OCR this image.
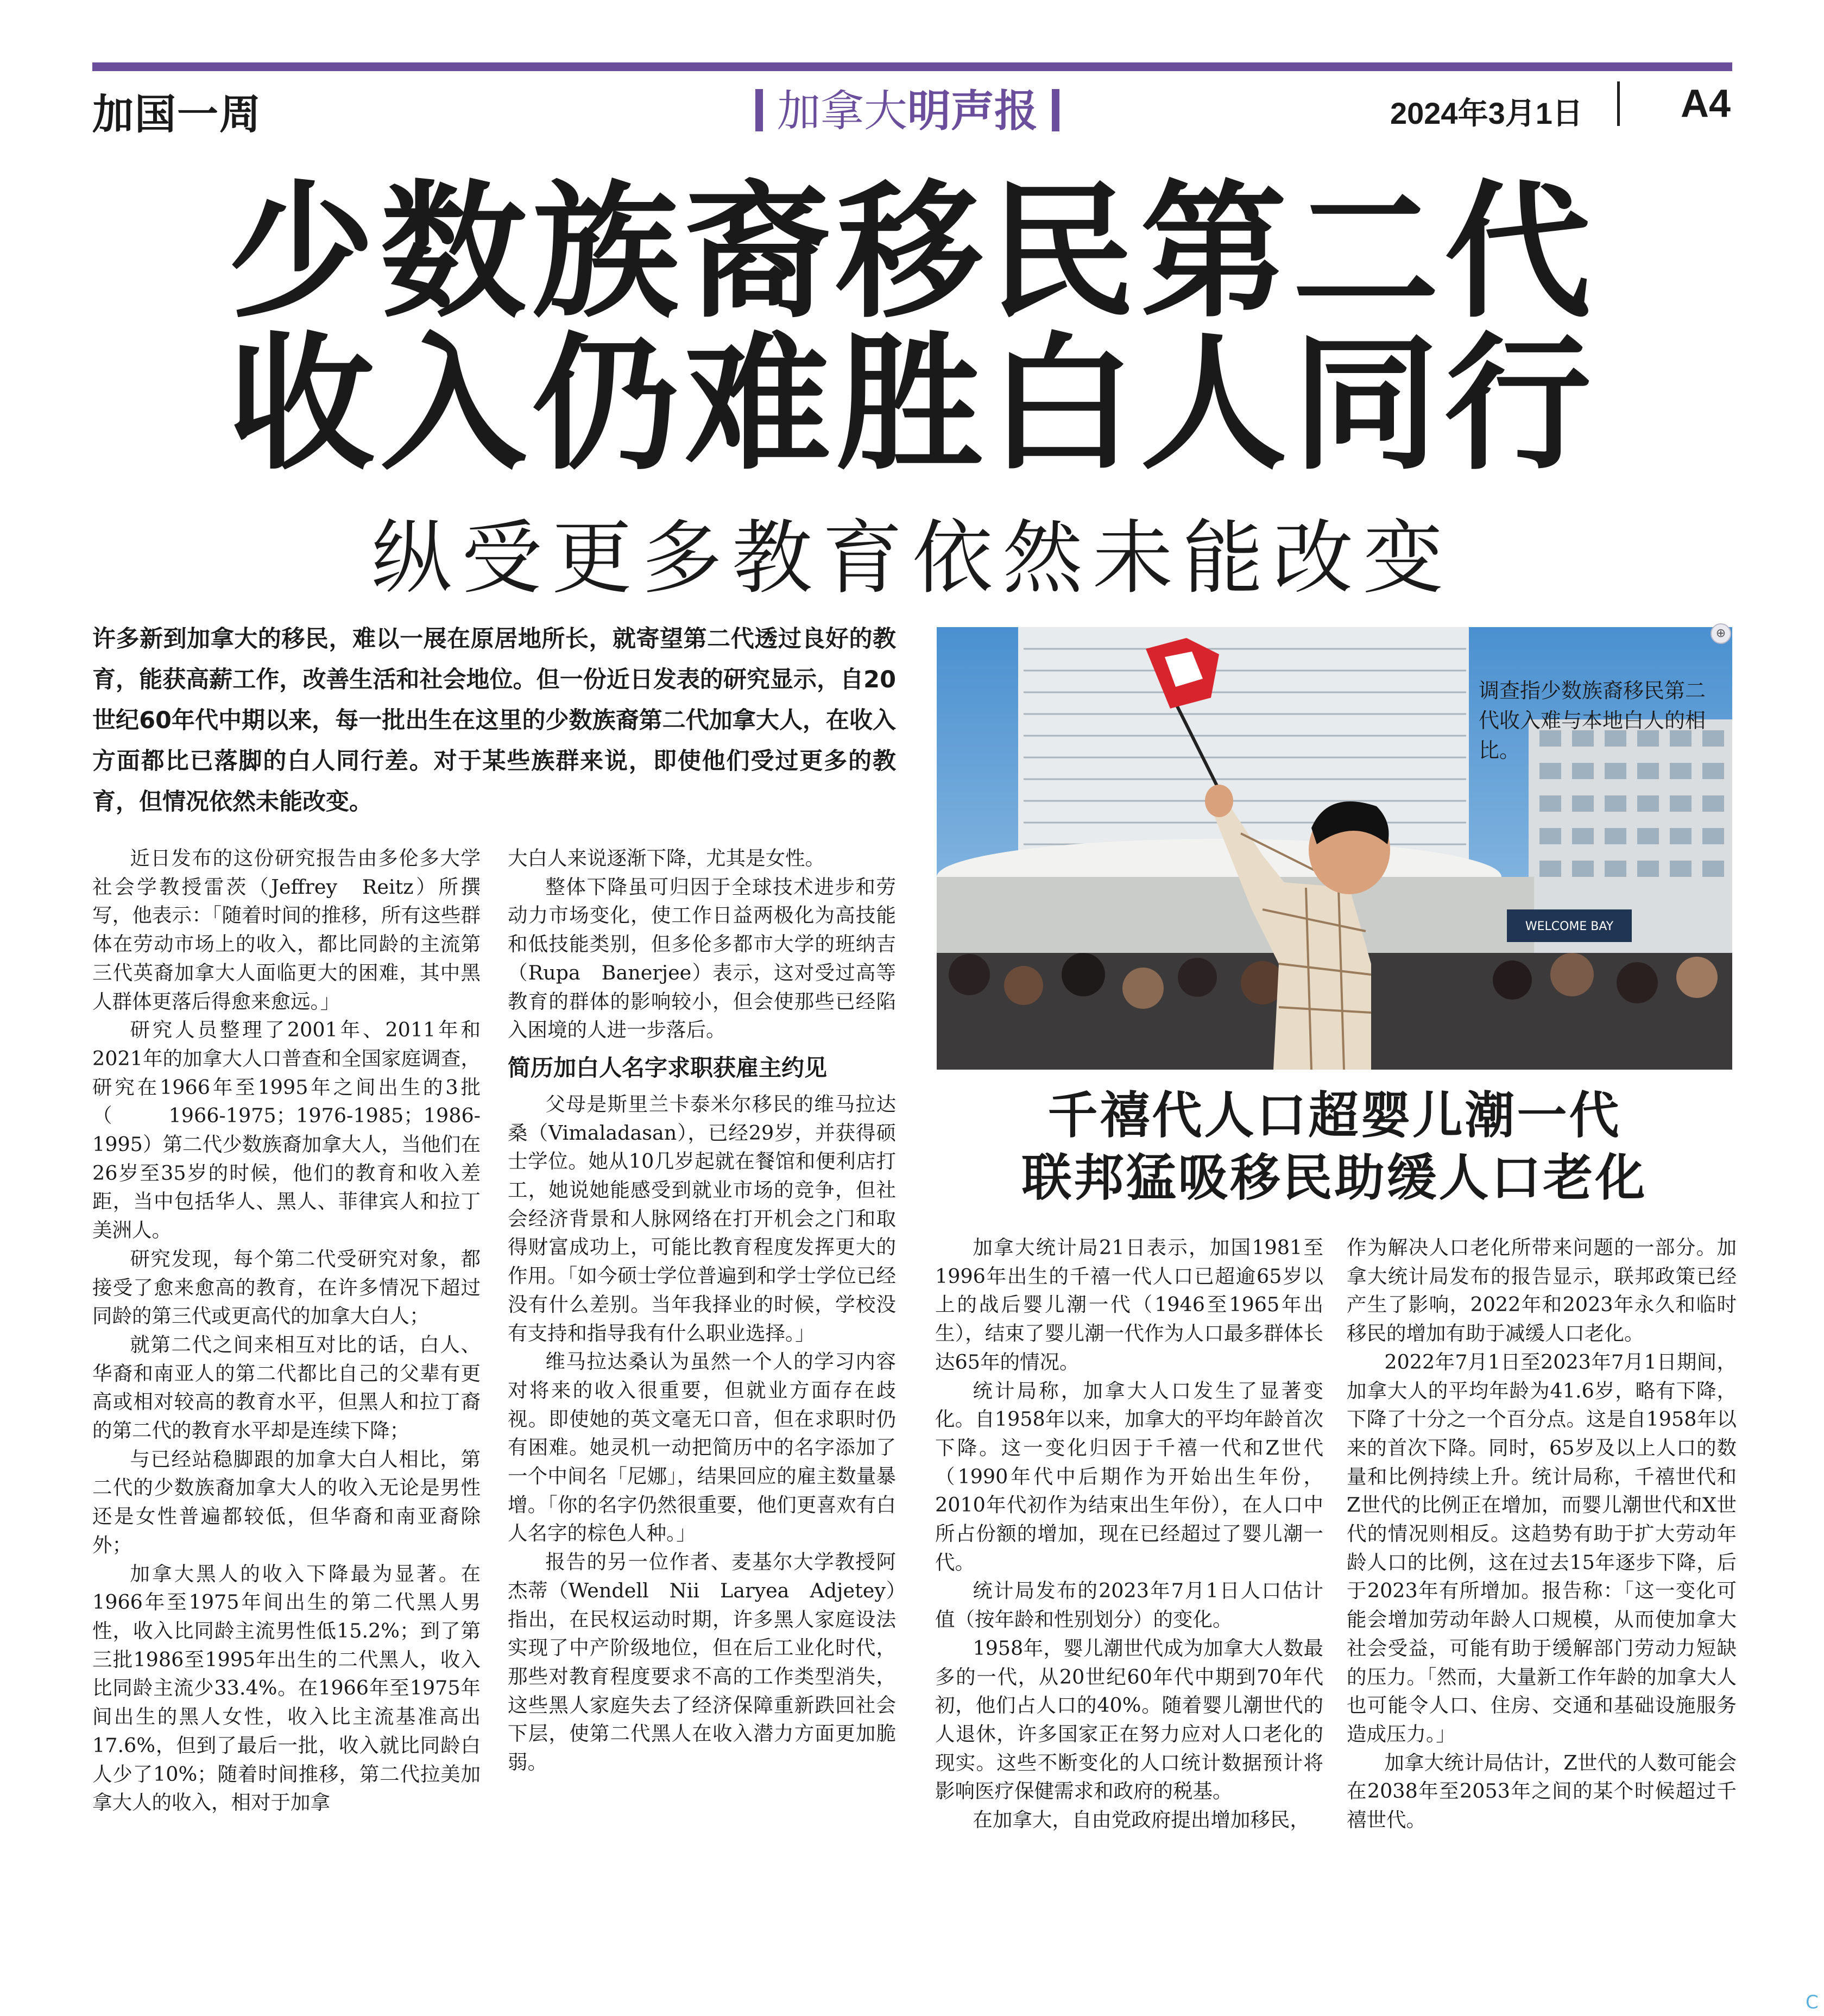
加国一周	加拿大明声报	2024年3月1日	A4
少数族裔移民第二代
收入仍难胜白人同行
纵受更多教育依然未能改变
许多新到加拿大的移民，难以一展在原居地所长，就寄望第二代透过良好的教育，能获高薪工作，改善生活和社会地位。但一份近日发表的研究显示，自20世纪60年代中期以来，每一批出生在这里的少数族裔第二代加拿大人，在收入方面都比已落脚的白人同行差。对于某些族群来说，即使他们受过更多的教育，但情况依然未能改变。

近日发布的这份研究报告由多伦多大学社会学教授雷茨（Jeffrey　Reitz）所撰写，他表示：「随着时间的推移，所有这些群体在劳动市场上的收入，都比同龄的主流第三代英裔加拿大人面临更大的困难，其中黑人群体更落后得愈来愈远。」

研究人员整理了2001年、2011年和2021年的加拿大人口普查和全国家庭调查，研究在1966年至1995年之间出生的3批（1966-1975；1976-1985；1986-1995）第二代少数族裔加拿大人，当他们在26岁至35岁的时候，他们的教育和收入差距，当中包括华人、黑人、菲律宾人和拉丁美洲人。

研究发现，每个第二代受研究对象，都接受了愈来愈高的教育，在许多情况下超过同龄的第三代或更高代的加拿大白人；

就第二代之间来相互对比的话，白人、华裔和南亚人的第二代都比自己的父辈有更高或相对较高的教育水平，但黑人和拉丁裔的第二代的教育水平却是连续下降；

与已经站稳脚跟的加拿大白人相比，第二代的少数族裔加拿大人的收入无论是男性还是女性普遍都较低，但华裔和南亚裔除外；

加拿大黑人的收入下降最为显著。在1966年至1975年间出生的第二代黑人男性，收入比同龄主流男性低15.2%；到了第三批1986至1995年出生的二代黑人，收入比同龄主流少33.4%。在1966年至1975年间出生的黑人女性，收入比主流基准高出17.6%，但到了最后一批，收入就比同龄白人少了10%；随着时间推移，第二代拉美加拿大人的收入，相对于加拿

大白人来说逐渐下降，尤其是女性。

整体下降虽可归因于全球技术进步和劳动力市场变化，使工作日益两极化为高技能和低技能类别，但多伦多都市大学的班纳吉（Rupa　Banerjee）表示，这对受过高等教育的群体的影响较小，但会使那些已经陷入困境的人进一步落后。

简历加白人名字求职获雇主约见

父母是斯里兰卡泰米尔移民的维马拉达桑（Vimaladasan），已经29岁，并获得硕士学位。她从10几岁起就在餐馆和便利店打工，她说她能感受到就业市场的竞争，但社会经济背景和人脉网络在打开机会之门和取得财富成功上，可能比教育程度发挥更大的作用。「如今硕士学位普遍到和学士学位已经没有什么差别。当年我择业的时候，学校没有支持和指导我有什么职业选择。」

维马拉达桑认为虽然一个人的学习内容对将来的收入很重要，但就业方面存在歧视。即使她的英文毫无口音，但在求职时仍有困难。她灵机一动把简历中的名字添加了一个中间名「尼娜」，结果回应的雇主数量暴增。「你的名字仍然很重要，他们更喜欢有白人名字的棕色人种。」

报告的另一位作者、麦基尔大学教授阿杰蒂（Wendell　Nii　Laryea　Adjetey）指出，在民权运动时期，许多黑人家庭设法实现了中产阶级地位，但在后工业化时代，那些对教育程度要求不高的工作类型消失，这些黑人家庭失去了经济保障重新跌回社会下层，使第二代黑人在收入潜力方面更加脆弱。

WELCOME BAY
调查指少数族裔移民第二代收入难与本地白人的相比。
⊕
千禧代人口超婴儿潮一代
联邦猛吸移民助缓人口老化

加拿大统计局21日表示，加国1981至1996年出生的千禧一代人口已超逾65岁以上的战后婴儿潮一代（1946至1965年出生），结束了婴儿潮一代作为人口最多群体长达65年的情况。

统计局称，加拿大人口发生了显著变化。自1958年以来，加拿大的平均年龄首次下降。这一变化归因于千禧一代和Z世代（1990年代中后期作为开始出生年份，2010年代初作为结束出生年份），在人口中所占份额的增加，现在已经超过了婴儿潮一代。

统计局发布的2023年7月1日人口估计值（按年龄和性别划分）的变化。

1958年，婴儿潮世代成为加拿大人数最多的一代，从20世纪60年代中期到70年代初，他们占人口的40%。随着婴儿潮世代的人退休，许多国家正在努力应对人口老化的现实。这些不断变化的人口统计数据预计将影响医疗保健需求和政府的税基。

在加拿大，自由党政府提出增加移民，

作为解决人口老化所带来问题的一部分。加拿大统计局发布的报告显示，联邦政策已经产生了影响，2022年和2023年永久和临时移民的增加有助于减缓人口老化。

2022年7月1日至2023年7月1日期间，加拿大人的平均年龄为41.6岁，略有下降，下降了十分之一个百分点。这是自1958年以来的首次下降。同时，65岁及以上人口的数量和比例持续上升。统计局称，千禧世代和Z世代的比例正在增加，而婴儿潮世代和X世代的情况则相反。这趋势有助于扩大劳动年龄人口的比例，这在过去15年逐步下降，后于2023年有所增加。报告称：「这一变化可能会增加劳动年龄人口规模，从而使加拿大社会受益，可能有助于缓解部门劳动力短缺的压力。「然而，大量新工作年龄的加拿大人也可能令人口、住房、交通和基础设施服务造成压力。」

加拿大统计局估计，Z世代的人数可能会在2038年至2053年之间的某个时候超过千禧世代。

C
